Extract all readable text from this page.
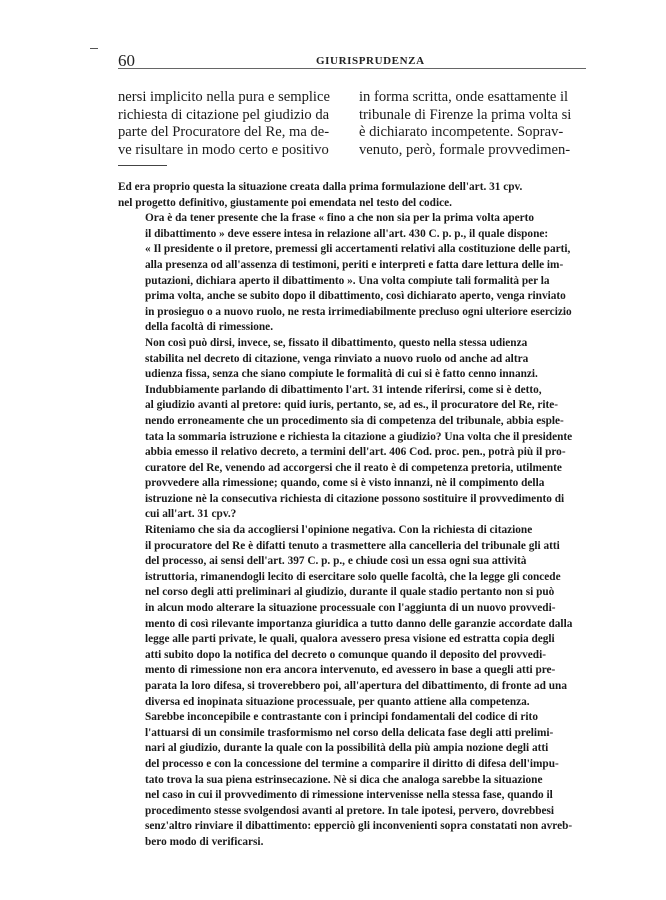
60	GIURISPRUDENZA
nersi implicito nella pura e semplice
richiesta di citazione pel giudizio da
parte del Procuratore del Re, ma de-
ve risultare in modo certo e positivo
in forma scritta, onde esattamente il
tribunale di Firenze la prima volta si
è dichiarato incompetente. Soprav-
venuto, però, formale provvedimen-

Ed era proprio questa la situazione creata dalla prima formulazione dell'art. 31 cpv.
nel progetto definitivo, giustamente poi emendata nel testo del codice.

Ora è da tener presente che la frase « fino a che non sia per la prima volta aperto
il dibattimento » deve essere intesa in relazione all'art. 430 C. p. p., il quale dispone:
« Il presidente o il pretore, premessi gli accertamenti relativi alla costituzione delle parti,
alla presenza od all'assenza di testimoni, periti e interpreti e fatta dare lettura delle im-
putazioni, dichiara aperto il dibattimento ». Una volta compiute tali formalità per la
prima volta, anche se subito dopo il dibattimento, così dichiarato aperto, venga rinviato
in prosieguo o a nuovo ruolo, ne resta irrimediabilmente precluso ogni ulteriore esercizio
della facoltà di rimessione.

Non così può dirsi, invece, se, fissato il dibattimento, questo nella stessa udienza
stabilita nel decreto di citazione, venga rinviato a nuovo ruolo od anche ad altra
udienza fissa, senza che siano compiute le formalità di cui si è fatto cenno innanzi.

Indubbiamente parlando di dibattimento l'art. 31 intende riferirsi, come si è detto,
al giudizio avanti al pretore: quid iuris, pertanto, se, ad es., il procuratore del Re, rite-
nendo erroneamente che un procedimento sia di competenza del tribunale, abbia esple-
tata la sommaria istruzione e richiesta la citazione a giudizio? Una volta che il presidente
abbia emesso il relativo decreto, a termini dell'art. 406 Cod. proc. pen., potrà più il pro-
curatore del Re, venendo ad accorgersi che il reato è di competenza pretoria, utilmente
provvedere alla rimessione; quando, come si è visto innanzi, nè il compimento della
istruzione nè la consecutiva richiesta di citazione possono sostituire il provvedimento di
cui all'art. 31 cpv.?

Riteniamo che sia da accogliersi l'opinione negativa. Con la richiesta di citazione
il procuratore del Re è difatti tenuto a trasmettere alla cancelleria del tribunale gli atti
del processo, ai sensi dell'art. 397 C. p. p., e chiude così un essa ogni sua attività
istruttoria, rimanendogli lecito di esercitare solo quelle facoltà, che la legge gli concede
nel corso degli atti preliminari al giudizio, durante il quale stadio pertanto non si può
in alcun modo alterare la situazione processuale con l'aggiunta di un nuovo provvedi-
mento di così rilevante importanza giuridica a tutto danno delle garanzie accordate dalla
legge alle parti private, le quali, qualora avessero presa visione ed estratta copia degli
atti subito dopo la notifica del decreto o comunque quando il deposito del provvedi-
mento di rimessione non era ancora intervenuto, ed avessero in base a quegli atti pre-
parata la loro difesa, si troverebbero poi, all'apertura del dibattimento, di fronte ad una
diversa ed inopinata situazione processuale, per quanto attiene alla competenza.

Sarebbe inconcepibile e contrastante con i principi fondamentali del codice di rito
l'attuarsi di un consimile trasformismo nel corso della delicata fase degli atti prelimi-
nari al giudizio, durante la quale con la possibilità della più ampia nozione degli atti
del processo e con la concessione del termine a comparire il diritto di difesa dell'impu-
tato trova la sua piena estrinsecazione. Nè si dica che analoga sarebbe la situazione
nel caso in cui il provvedimento di rimessione intervenisse nella stessa fase, quando il
procedimento stesse svolgendosi avanti al pretore. In tale ipotesi, pervero, dovrebbesi
senz'altro rinviare il dibattimento: epperciò gli inconvenienti sopra constatati non avreb-
bero modo di verificarsi.
